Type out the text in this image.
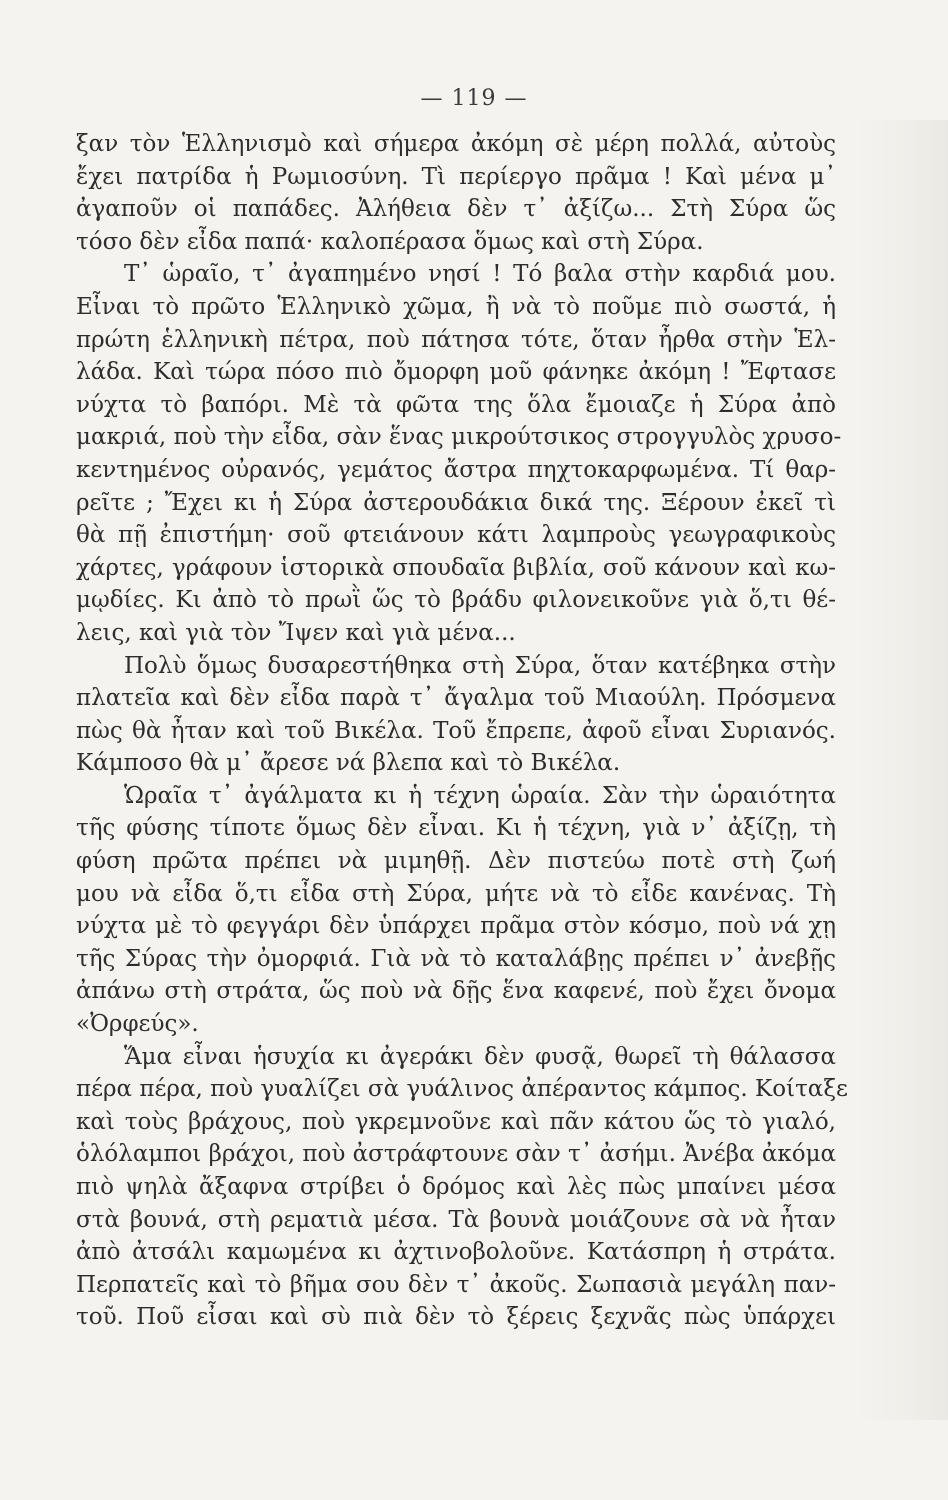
— 119 —
ξαν τὸν Ἑλληνισμὸ καὶ σήμερα ἀκόμη σὲ μέρη πολλά, αὐτοὺς
ἔχει πατρίδα ἡ Ρωμιοσύνη. Τὶ περίεργο πρᾶμα ! Καὶ μένα μ᾽
ἀγαποῦν οἱ παπάδες. Ἀλήθεια δὲν τ᾽ ἀξίζω... Στὴ Σύρα ὥς
τόσο δὲν εἶδα παπά· καλοπέρασα ὅμως καὶ στὴ Σύρα.
Τ᾽ ὡραῖο, τ᾽ ἀγαπημένο νησί ! Τό βαλα στὴν καρδιά μου.
Εἶναι τὸ πρῶτο Ἑλληνικὸ χῶμα, ἢ νὰ τὸ ποῦμε πιὸ σωστά, ἡ
πρώτη ἑλληνικὴ πέτρα, ποὺ πάτησα τότε, ὅταν ἦρθα στὴν Ἑλ-
λάδα. Καὶ τώρα πόσο πιὸ ὄμορφη μοῦ φάνηκε ἀκόμη ! Ἔφτασε
νύχτα τὸ βαπόρι. Μὲ τὰ φῶτα της ὅλα ἔμοιαζε ἡ Σύρα ἀπὸ
μακριά, ποὺ τὴν εἶδα, σὰν ἕνας μικρούτσικος στρογγυλὸς χρυσο-
κεντημένος οὐρανός, γεμάτος ἄστρα πηχτοκαρφωμένα. Τί θαρ-
ρεῖτε ; Ἔχει κι ἡ Σύρα ἀστερουδάκια δικά της. Ξέρουν ἐκεῖ τὶ
θὰ πῇ ἐπιστήμη· σοῦ φτειάνουν κάτι λαμπροὺς γεωγραφικοὺς
χάρτες, γράφουν ἱστορικὰ σπουδαῖα βιβλία, σοῦ κάνουν καὶ κω-
μῳδίες. Κι ἀπὸ τὸ πρωῒ ὥς τὸ βράδυ φιλονεικοῦνε γιὰ ὅ,τι θέ-
λεις, καὶ γιὰ τὸν Ἴψεν καὶ γιὰ μένα...
Πολὺ ὅμως δυσαρεστήθηκα στὴ Σύρα, ὅταν κατέβηκα στὴν
πλατεῖα καὶ δὲν εἶδα παρὰ τ᾽ ἄγαλμα τοῦ Μιαούλη. Πρόσμενα
πὼς θὰ ἦταν καὶ τοῦ Βικέλα. Τοῦ ἔπρεπε, ἀφοῦ εἶναι Συριανός.
Κάμποσο θὰ μ᾽ ἄρεσε νά βλεπα καὶ τὸ Βικέλα.
Ὡραῖα τ᾽ ἀγάλματα κι ἡ τέχνη ὡραία. Σὰν τὴν ὡραιότητα
τῆς φύσης τίποτε ὅμως δὲν εἶναι. Κι ἡ τέχνη, γιὰ ν᾽ ἀξίζῃ, τὴ
φύση πρῶτα πρέπει νὰ μιμηθῇ. Δὲν πιστεύω ποτὲ στὴ ζωή
μου νὰ εἶδα ὅ,τι εἶδα στὴ Σύρα, μήτε νὰ τὸ εἶδε κανένας. Τὴ
νύχτα μὲ τὸ φεγγάρι δὲν ὑπάρχει πρᾶμα στὸν κόσμο, ποὺ νά χῃ
τῆς Σύρας τὴν ὀμορφιά. Γιὰ νὰ τὸ καταλάβῃς πρέπει ν᾽ ἀνεβῇς
ἀπάνω στὴ στράτα, ὥς ποὺ νὰ δῇς ἕνα καφενέ, ποὺ ἔχει ὄνομα
«Ὀρφεύς».
Ἅμα εἶναι ἡσυχία κι ἀγεράκι δὲν φυσᾷ, θωρεῖ τὴ θάλασσα
πέρα πέρα, ποὺ γυαλίζει σὰ γυάλινος ἀπέραντος κάμπος. Κοίταξε
καὶ τοὺς βράχους, ποὺ γκρεμνοῦνε καὶ πᾶν κάτου ὥς τὸ γιαλό,
ὁλόλαμποι βράχοι, ποὺ ἀστράφτουνε σὰν τ᾽ ἀσήμι. Ἀνέβα ἀκόμα
πιὸ ψηλὰ ἄξαφνα στρίβει ὁ δρόμος καὶ λὲς πὼς μπαίνει μέσα
στὰ βουνά, στὴ ρεματιὰ μέσα. Τὰ βουνὰ μοιάζουνε σὰ νὰ ἦταν
ἀπὸ ἀτσάλι καμωμένα κι ἀχτινοβολοῦνε. Κατάσπρη ἡ στράτα.
Περπατεῖς καὶ τὸ βῆμα σου δὲν τ᾽ ἀκοῦς. Σωπασιὰ μεγάλη παν-
τοῦ. Ποῦ εἶσαι καὶ σὺ πιὰ δὲν τὸ ξέρεις ξεχνᾶς πὼς ὑπάρχει
